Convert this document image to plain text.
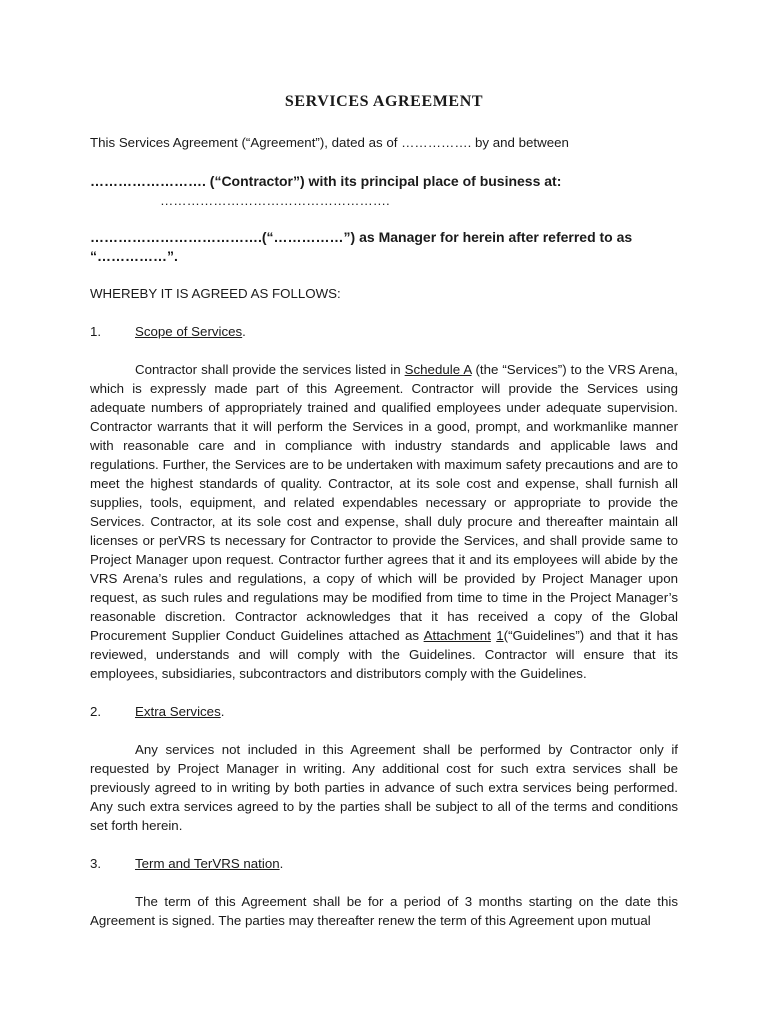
SERVICES AGREEMENT

This Services Agreement (“Agreement”), dated as of ……………. by and between

……………………. (“Contractor”) with its principal place of business at:

…………………………………………….

……………………………….(“……………”) as Manager for herein after referred to as “……………”.

WHEREBY IT IS AGREED AS FOLLOWS:

1.	Scope of Services.

Contractor shall provide the services listed in Schedule A (the “Services”) to the VRS Arena, which is expressly made part of this Agreement. Contractor will provide the Services using adequate numbers of appropriately trained and qualified employees under adequate supervision. Contractor warrants that it will perform the Services in a good, prompt, and workmanlike manner with reasonable care and in compliance with industry standards and applicable laws and regulations. Further, the Services are to be undertaken with maximum safety precautions and are to meet the highest standards of quality. Contractor, at its sole cost and expense, shall furnish all supplies, tools, equipment, and related expendables necessary or appropriate to provide the Services. Contractor, at its sole cost and expense, shall duly procure and thereafter maintain all licenses or perVRS ts necessary for Contractor to provide the Services, and shall provide same to Project Manager upon request. Contractor further agrees that it and its employees will abide by the VRS Arena’s rules and regulations, a copy of which will be provided by Project Manager upon request, as such rules and regulations may be modified from time to time in the Project Manager’s reasonable discretion. Contractor acknowledges that it has received a copy of the Global Procurement Supplier Conduct Guidelines attached as Attachment 1(“Guidelines”) and that it has reviewed, understands and will comply with the Guidelines. Contractor will ensure that its employees, subsidiaries, subcontractors and distributors comply with the Guidelines.

2.	Extra Services.

Any services not included in this Agreement shall be performed by Contractor only if requested by Project Manager in writing. Any additional cost for such extra services shall be previously agreed to in writing by both parties in advance of such extra services being performed. Any such extra services agreed to by the parties shall be subject to all of the terms and conditions set forth herein.

3.	Term and TerVRS nation.

The term of this Agreement shall be for a period of 3 months starting on the date this Agreement is signed. The parties may thereafter renew the term of this Agreement upon mutual
